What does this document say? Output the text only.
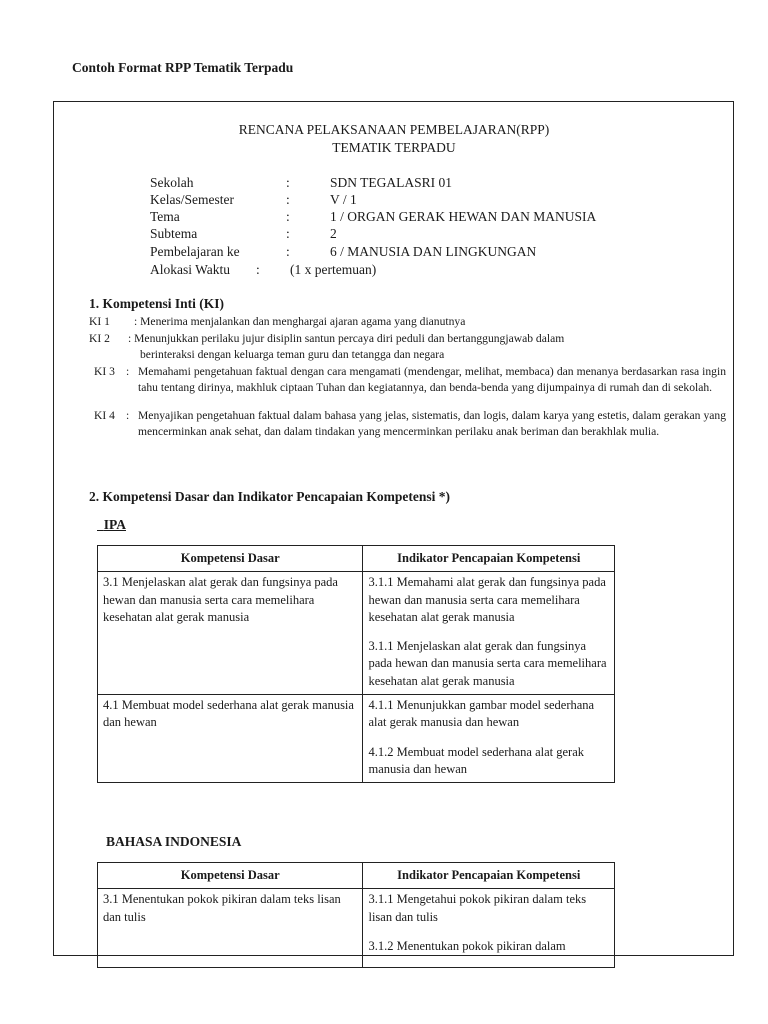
Contoh Format RPP Tematik Terpadu
RENCANA PELAKSANAAN PEMBELAJARAN(RPP)
TEMATIK TERPADU
Sekolah	:	SDN TEGALASRI 01
Kelas/Semester	:	V / 1
Tema	:	1 / ORGAN GERAK HEWAN DAN MANUSIA
Subtema	:	2
Pembelajaran ke	:	6 / MANUSIA DAN LINGKUNGAN
Alokasi Waktu : (1 x pertemuan)
1. Kompetensi Inti (KI)
KI 1 : Menerima menjalankan dan menghargai ajaran agama yang dianutnya
KI 2 : Menunjukkan perilaku jujur disiplin santun percaya diri peduli dan bertanggungjawab dalam
berinteraksi dengan keluarga teman guru dan tetangga dan negara
KI 3 : Memahami pengetahuan faktual dengan cara mengamati (mendengar, melihat, membaca) dan menanya berdasarkan rasa ingin tahu tentang dirinya, makhluk ciptaan Tuhan dan kegiatannya, dan benda-benda yang dijumpainya di rumah dan di sekolah.
KI 4 : Menyajikan pengetahuan faktual dalam bahasa yang jelas, sistematis, dan logis, dalam karya yang estetis, dalam gerakan yang mencerminkan anak sehat, dan dalam tindakan yang mencerminkan perilaku anak beriman dan berakhlak mulia.
2. Kompetensi Dasar dan Indikator Pencapaian Kompetensi *)
IPA
Kompetensi Dasar	Indikator Pencapaian Kompetensi
3.1 Menjelaskan alat gerak dan fungsinya pada hewan dan manusia serta cara memelihara kesehatan alat gerak manusia	3.1.1 Memahami alat gerak dan fungsinya pada hewan dan manusia serta cara memelihara kesehatan alat gerak manusia

3.1.1 Menjelaskan alat gerak dan fungsinya pada hewan dan manusia serta cara memelihara kesehatan alat gerak manusia

4.1 Membuat model sederhana alat gerak manusia dan hewan	4.1.1 Menunjukkan gambar model sederhana alat gerak manusia dan hewan

4.1.2 Membuat model sederhana alat gerak manusia dan hewan

BAHASA INDONESIA
Kompetensi Dasar	Indikator Pencapaian Kompetensi
3.1 Menentukan pokok pikiran dalam teks lisan dan tulis	3.1.1 Mengetahui pokok pikiran dalam teks lisan dan tulis

3.1.2 Menentukan pokok pikiran dalam
